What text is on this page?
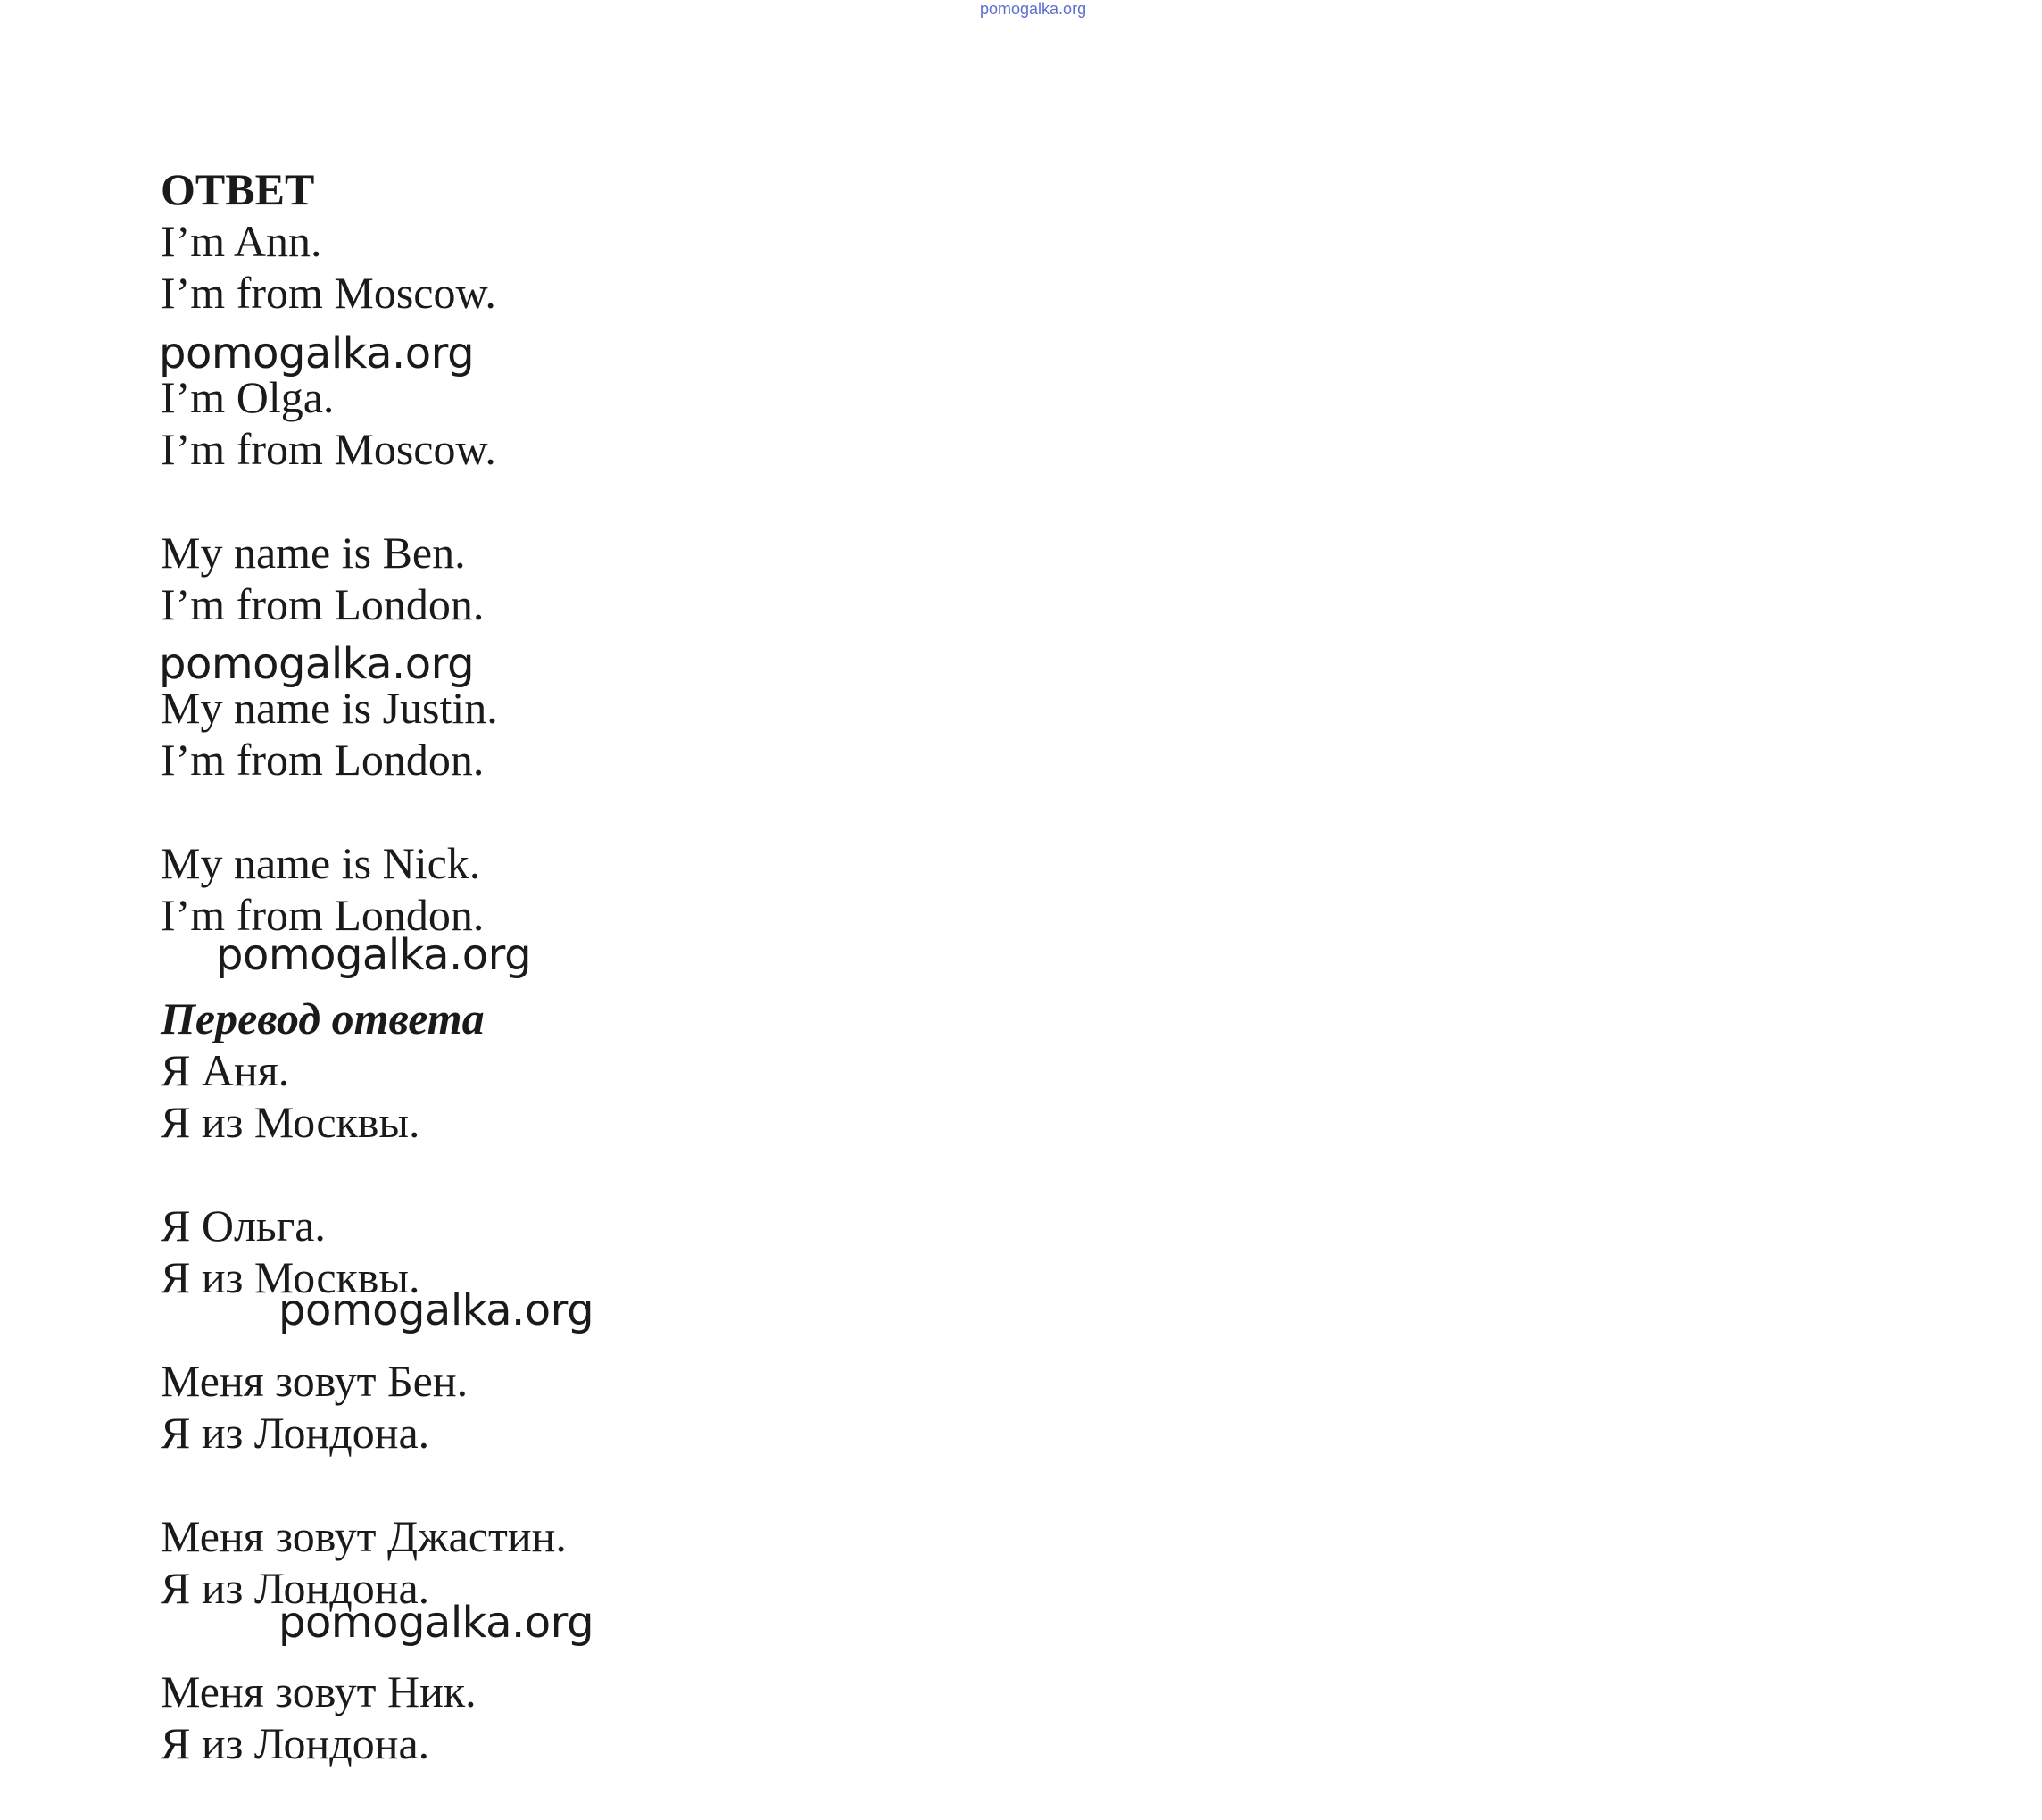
pomogalka.org
ОТВЕТ
I’m Ann.
I’m from Moscow.
pomogalka.org
I’m Olga.
I’m from Moscow.
My name is Ben.
I’m from London.
pomogalka.org
My name is Justin.
I’m from London.
My name is Nick.
I’m from London.
pomogalka.org
Перевод ответа
Я Аня.
Я из Москвы.
Я Ольга.
Я из Москвы.
pomogalka.org
Меня зовут Бен.
Я из Лондона.
Меня зовут Джастин.
Я из Лондона.
pomogalka.org
Меня зовут Ник.
Я из Лондона.
